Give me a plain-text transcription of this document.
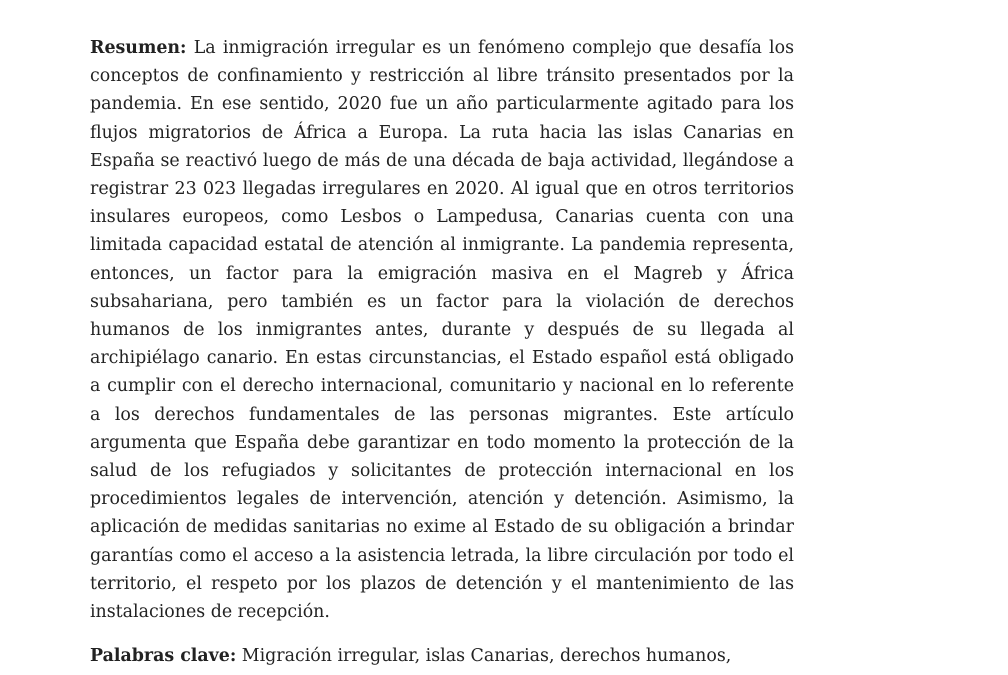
Resumen: La inmigración irregular es un fenómeno complejo que desafía los conceptos de confinamiento y restricción al libre tránsito presentados por la pandemia. En ese sentido, 2020 fue un año particularmente agitado para los flujos migratorios de África a Europa. La ruta hacia las islas Canarias en España se reactivó luego de más de una década de baja actividad, llegándose a registrar 23 023 llegadas irregulares en 2020. Al igual que en otros territorios insulares europeos, como Lesbos o Lampedusa, Canarias cuenta con una limitada capacidad estatal de atención al inmigrante. La pandemia representa, entonces, un factor para la emigración masiva en el Magreb y África subsahariana, pero también es un factor para la violación de derechos humanos de los inmigrantes antes, durante y después de su llegada al archipiélago canario. En estas circunstancias, el Estado español está obligado a cumplir con el derecho internacional, comunitario y nacional en lo referente a los derechos fundamentales de las personas migrantes. Este artículo argumenta que España debe garantizar en todo momento la protección de la salud de los refugiados y solicitantes de protección internacional en los procedimientos legales de intervención, atención y detención. Asimismo, la aplicación de medidas sanitarias no exime al Estado de su obligación a brindar garantías como el acceso a la asistencia letrada, la libre circulación por todo el territorio, el respeto por los plazos de detención y el mantenimiento de las instalaciones de recepción.

Palabras clave: Migración irregular, islas Canarias, derechos humanos,
